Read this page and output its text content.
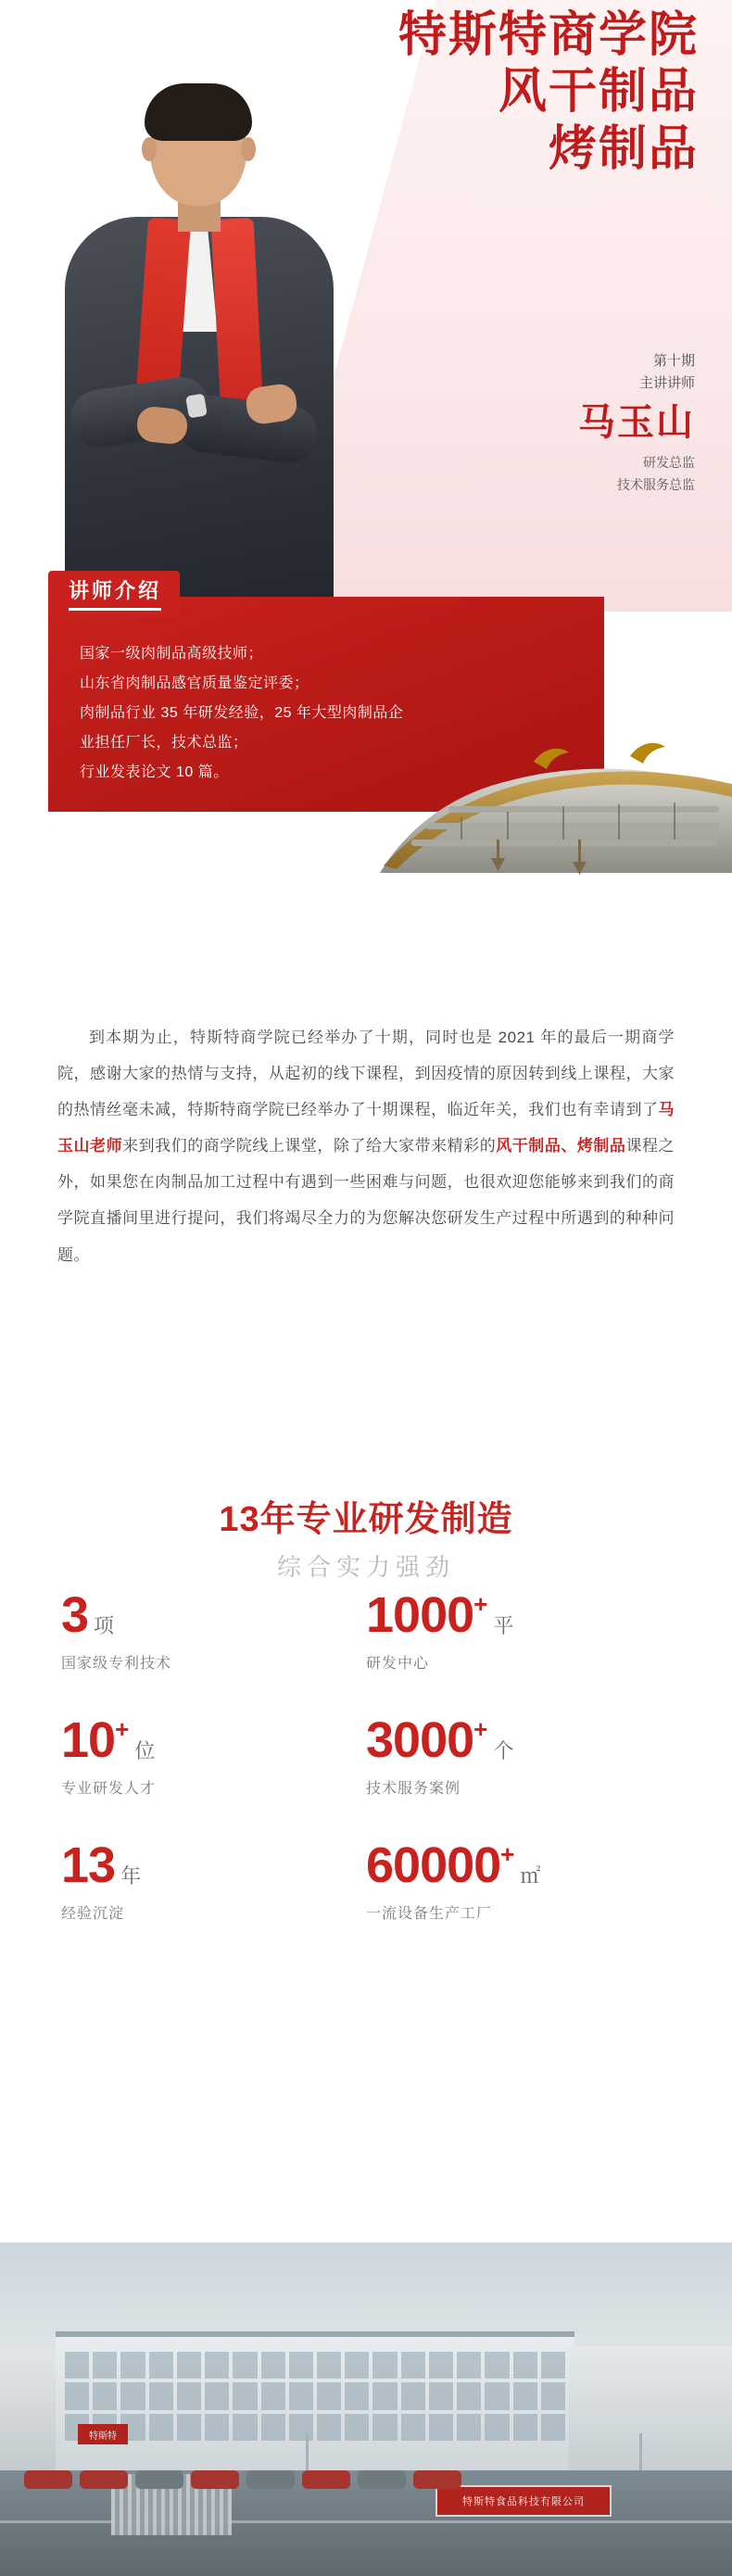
特斯特商学院
风干制品
烤制品
第十期
主讲讲师
马玉山
研发总监
技术服务总监
讲师介绍

国家一级肉制品高级技师；

山东省肉制品感官质量鉴定评委；

肉制品行业 35 年研发经验，25 年大型肉制品企

业担任厂长，技术总监；

行业发表论文 10 篇。

到本期为止，特斯特商学院已经举办了十期，同时也是 2021 年的最后一期商学院，感谢大家的热情与支持，从起初的线下课程，到因疫情的原因转到线上课程，大家的热情丝毫未减，特斯特商学院已经举办了十期课程，临近年关，我们也有幸请到了马玉山老师来到我们的商学院线上课堂，除了给大家带来精彩的风干制品、烤制品课程之外，如果您在肉制品加工过程中有遇到一些困难与问题，也很欢迎您能够来到我们的商学院直播间里进行提问，我们将竭尽全力的为您解决您研发生产过程中所遇到的种种问题。

13年专业研发制造
综合实力强劲
3 项
国家级专利技术
1000 +
平
研发中心
10 +
位
专业研发人才
3000 +
个
技术服务案例
13 年
经验沉淀
60000 +
㎡
一流设备生产工厂
特斯特
特斯特食品科技有限公司
